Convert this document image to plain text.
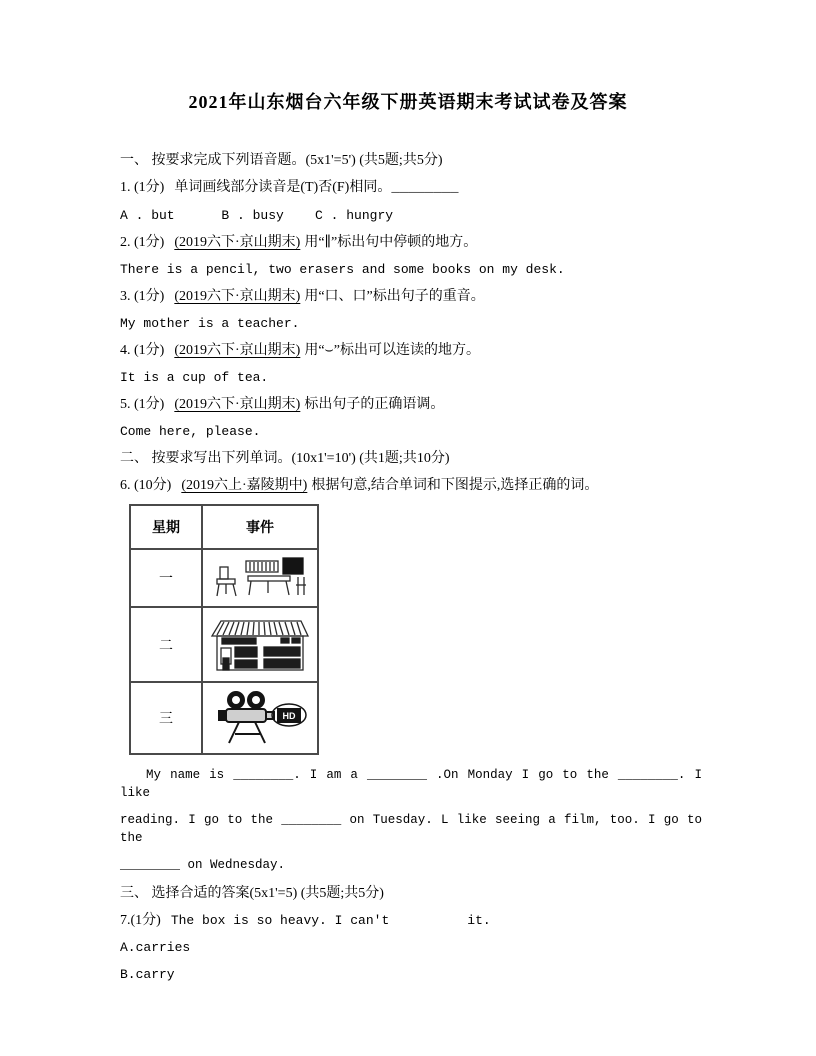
2021年山东烟台六年级下册英语期末考试试卷及答案
一、 按要求完成下列语音题。(5x1'=5') (共5题;共5分)
1. (1分) 单词画线部分读音是(T)否(F)相同。________
A . but      B . busy    C . hungry
2. (1分) (2019六下·京山期末) 用“∥”标出句中停顿的地方。
There is a pencil, two erasers and some books on my desk.
3. (1分) (2019六下·京山期末) 用“口、口”标出句子的重音。
My mother is a teacher.
4. (1分) (2019六下·京山期末) 用“⌣”标出可以连读的地方。
It is a cup of tea.
5. (1分) (2019六下·京山期末) 标出句子的正确语调。
Come here, please.
二、 按要求写出下列单词。(10x1'=10') (共1题;共10分)
6. (10分) (2019六上·嘉陵期中) 根据句意,结合单词和下图提示,选择正确的词。
星期	事件
一	

二	

三	HD
My name is ________. I am a ________ .On Monday I go to the ________. I like
reading. I go to the ________ on Tuesday. L like seeing a film, too. I go to the
________ on Wednesday.
三、 选择合适的答案(5x1'=5) (共5题;共5分)
7.(1分) The box is so heavy. I can't          it.
A.carries
B.carry
